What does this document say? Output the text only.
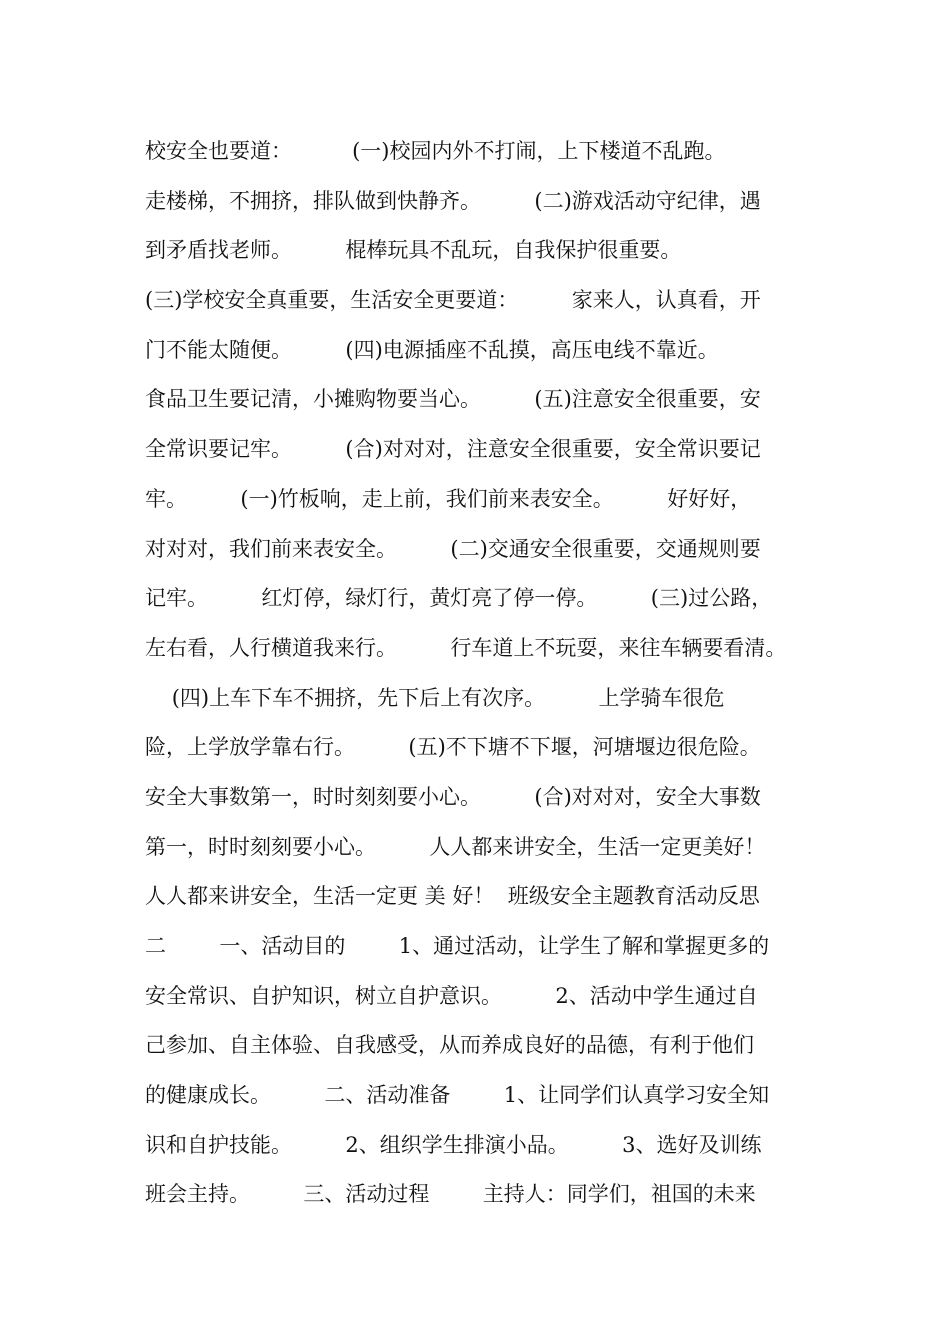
校安全也要道：         (一)校园内外不打闹，上下楼道不乱跑。
走楼梯，不拥挤，排队做到快静齐。        (二)游戏活动守纪律，遇
到矛盾找老师。        棍棒玩具不乱玩，自我保护很重要。
(三)学校安全真重要，生活安全更要道：        家来人，认真看，开
门不能太随便。        (四)电源插座不乱摸，高压电线不靠近。
食品卫生要记清，小摊购物要当心。        (五)注意安全很重要，安
全常识要记牢。        (合)对对对，注意安全很重要，安全常识要记
牢。        (一)竹板响，走上前，我们前来表安全。        好好好，
对对对，我们前来表安全。        (二)交通安全很重要，交通规则要
记牢。        红灯停，绿灯行，黄灯亮了停一停。        (三)过公路，
左右看，人行横道我来行。        行车道上不玩耍，来往车辆要看清。
(四)上车下车不拥挤，先下后上有次序。        上学骑车很危
险，上学放学靠右行。        (五)不下塘不下堰，河塘堰边很危险。
安全大事数第一，时时刻刻要小心。        (合)对对对，安全大事数
第一，时时刻刻要小心。        人人都来讲安全，生活一定更美好！
人人都来讲安全，生活一定更 美 好！  班级安全主题教育活动反思
二        一、活动目的        1、通过活动，让学生了解和掌握更多的
安全常识、自护知识，树立自护意识。        2、活动中学生通过自
己参加、自主体验、自我感受，从而养成良好的品德，有利于他们
的健康成长。        二、活动准备        1、让同学们认真学习安全知
识和自护技能。        2、组织学生排演小品。        3、选好及训练
班会主持。        三、活动过程        主持人：同学们，祖国的未来
